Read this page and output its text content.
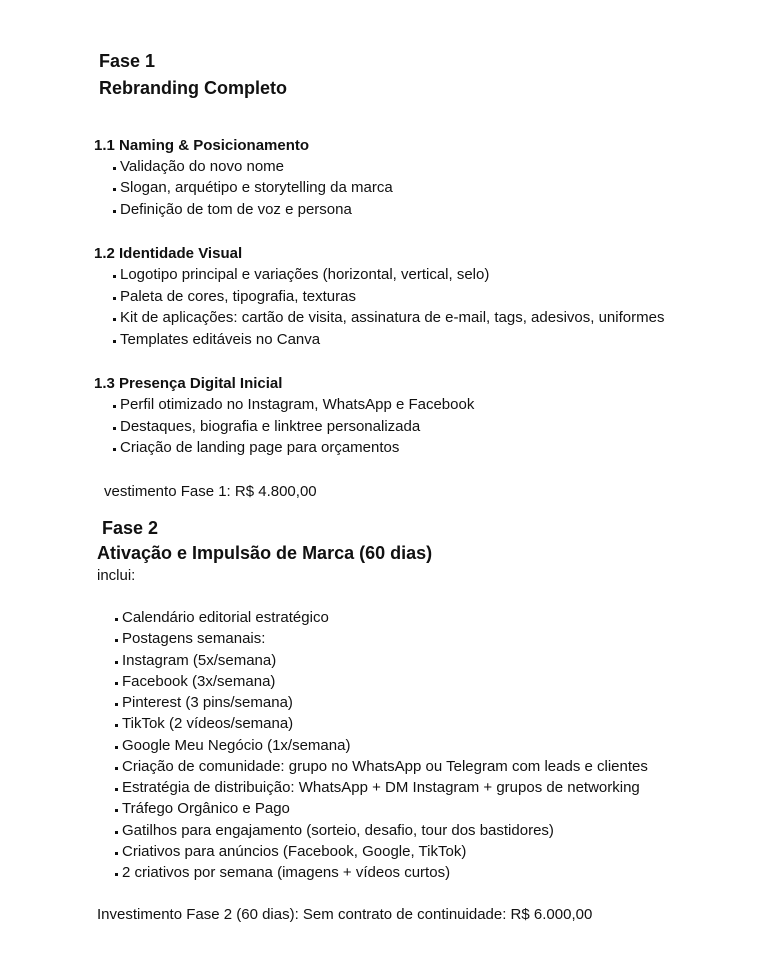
Fase 1
Rebranding Completo
1.1 Naming & Posicionamento
Validação do novo nome
Slogan, arquétipo e storytelling da marca
Definição de tom de voz e persona
1.2 Identidade Visual
Logotipo principal e variações (horizontal, vertical, selo)
Paleta de cores, tipografia, texturas
Kit de aplicações: cartão de visita, assinatura de e-mail, tags, adesivos, uniformes
Templates editáveis no Canva
1.3 Presença Digital Inicial
Perfil otimizado no Instagram, WhatsApp e Facebook
Destaques, biografia e linktree personalizada
Criação de landing page para orçamentos
vestimento Fase 1: R$ 4.800,00
Fase 2
Ativação e Impulsão de Marca (60 dias)
inclui:
Calendário editorial estratégico
Postagens semanais:
Instagram (5x/semana)
Facebook (3x/semana)
Pinterest (3 pins/semana)
TikTok (2 vídeos/semana)
Google Meu Negócio (1x/semana)
Criação de comunidade: grupo no WhatsApp ou Telegram com leads e clientes
Estratégia de distribuição: WhatsApp + DM Instagram + grupos de networking
Tráfego Orgânico e Pago
Gatilhos para engajamento (sorteio, desafio, tour dos bastidores)
Criativos para anúncios (Facebook, Google, TikTok)
2 criativos por semana (imagens + vídeos curtos)
Investimento Fase 2 (60 dias): Sem contrato de continuidade: R$ 6.000,00
